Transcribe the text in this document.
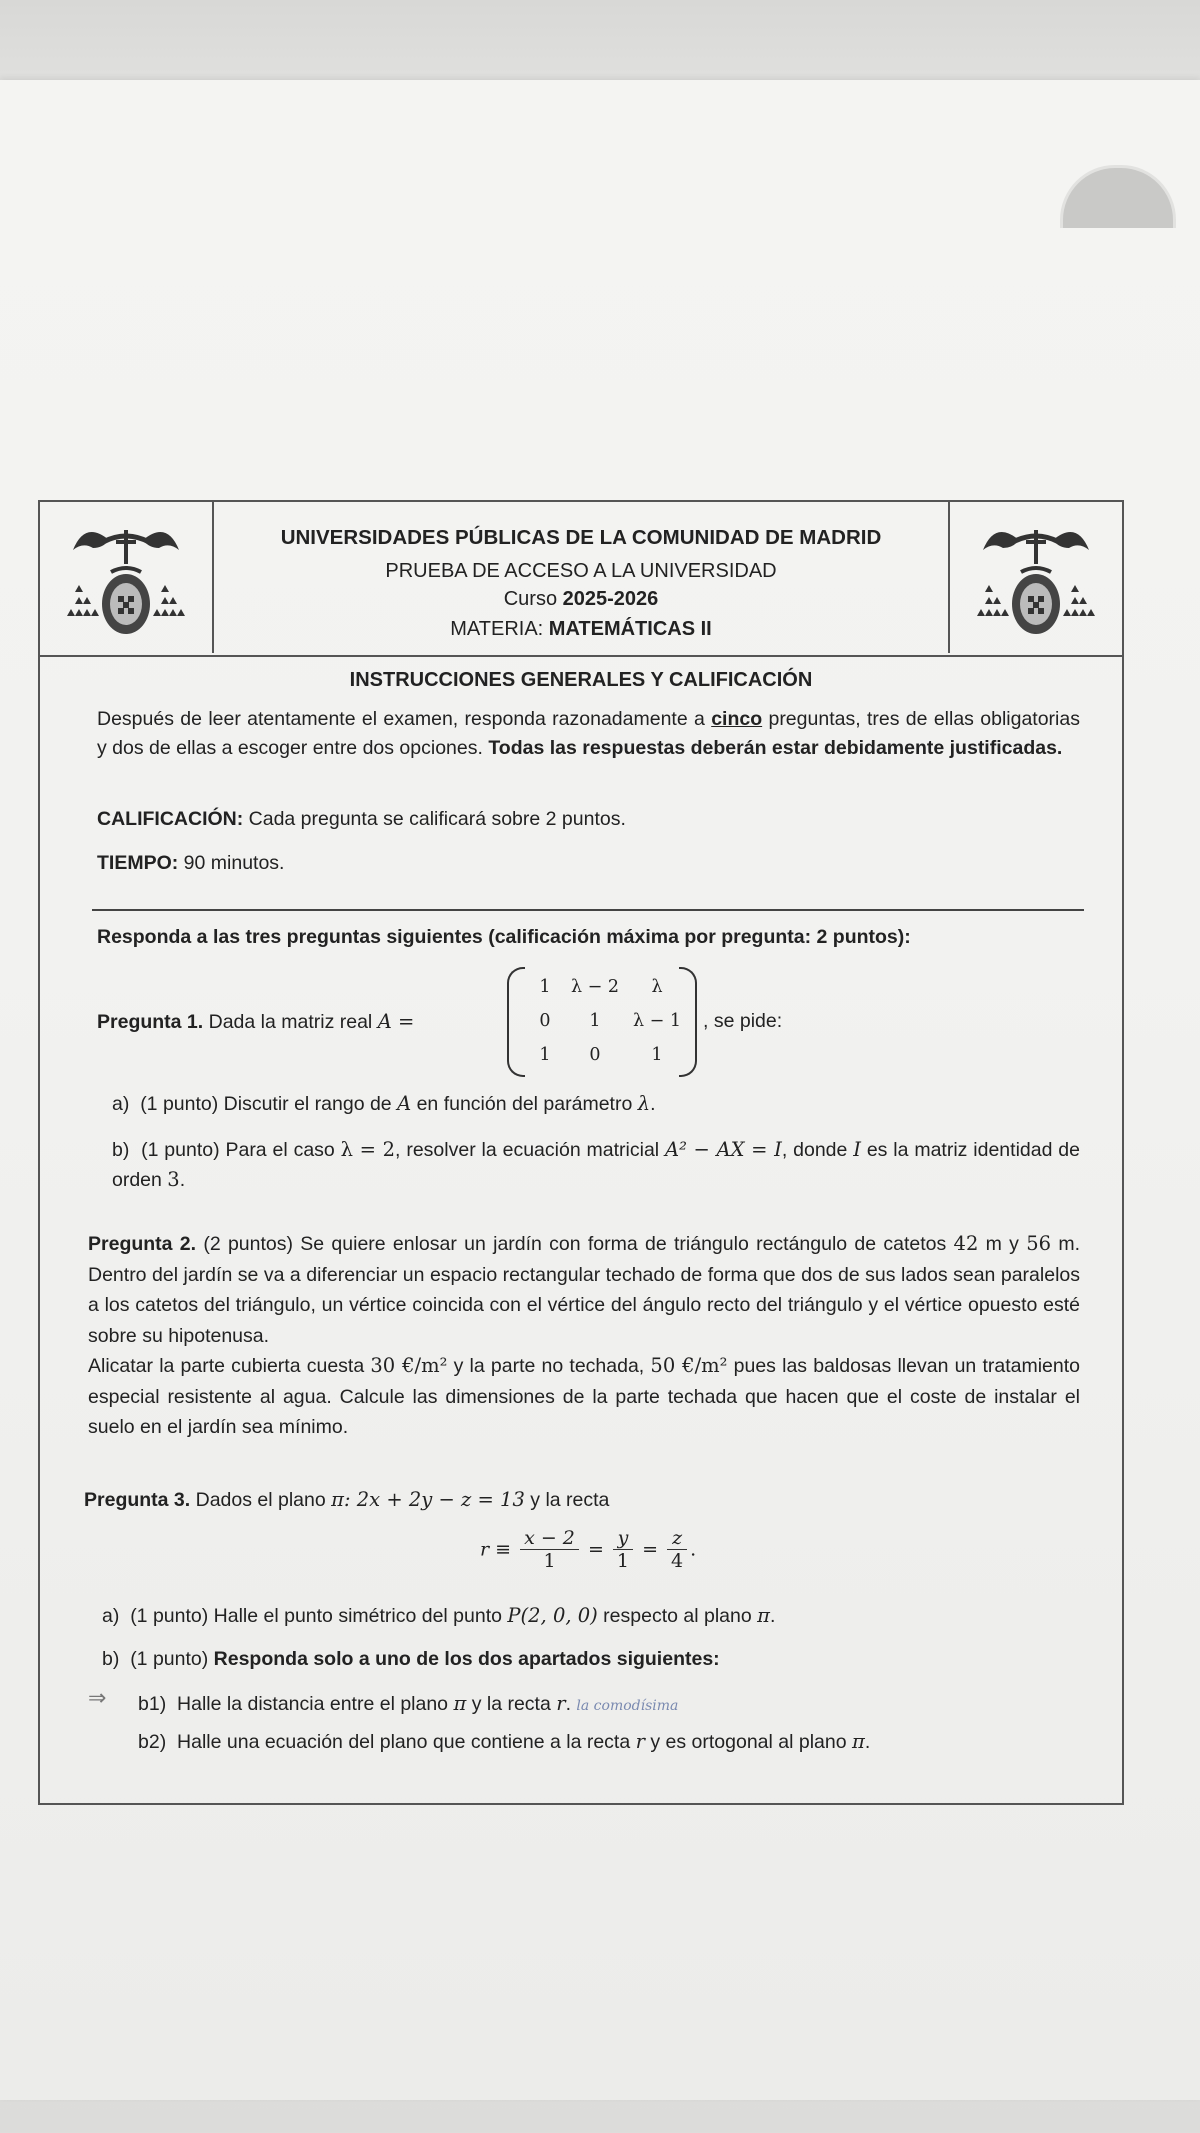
UNIVERSIDADES PÚBLICAS DE LA COMUNIDAD DE MADRID
PRUEBA DE ACCESO A LA UNIVERSIDAD
Curso 2025-2026
MATERIA: MATEMÁTICAS II
INSTRUCCIONES GENERALES Y CALIFICACIÓN
Después de leer atentamente el examen, responda razonadamente a cinco preguntas, tres de ellas obligatorias y dos de ellas a escoger entre dos opciones. Todas las respuestas deberán estar debidamente justificadas.
CALIFICACIÓN: Cada pregunta se calificará sobre 2 puntos.
TIEMPO: 90 minutos.
Responda a las tres preguntas siguientes (calificación máxima por pregunta: 2 puntos):
Pregunta 1. Dada la matriz real A =
1	λ − 2	λ
0	1	λ − 1
1	0	1
, se pide:
a) (1 punto) Discutir el rango de A en función del parámetro λ.
b) (1 punto) Para el caso λ = 2, resolver la ecuación matricial A² − AX = I, donde I es la matriz identidad de orden 3.
Pregunta 2. (2 puntos) Se quiere enlosar un jardín con forma de triángulo rectángulo de catetos 42 m y 56 m. Dentro del jardín se va a diferenciar un espacio rectangular techado de forma que dos de sus lados sean paralelos a los catetos del triángulo, un vértice coincida con el vértice del ángulo recto del triángulo y el vértice opuesto esté sobre su hipotenusa.
Alicatar la parte cubierta cuesta 30 €/m² y la parte no techada, 50 €/m² pues las baldosas llevan un tratamiento especial resistente al agua. Calcule las dimensiones de la parte techada que hacen que el coste de instalar el suelo en el jardín sea mínimo.
Pregunta 3. Dados el plano π: 2x + 2y − z = 13 y la recta
$r \equiv \frac{x - 2}{1} = \frac{y}{1} = \frac{z}{4}$ .
a) (1 punto) Halle el punto simétrico del punto P(2, 0, 0) respecto al plano π.
b) (1 punto) Responda solo a uno de los dos apartados siguientes:
⇒ b1) Halle la distancia entre el plano π y la recta r. la comodísima
b2) Halle una ecuación del plano que contiene a la recta r y es ortogonal al plano π.
